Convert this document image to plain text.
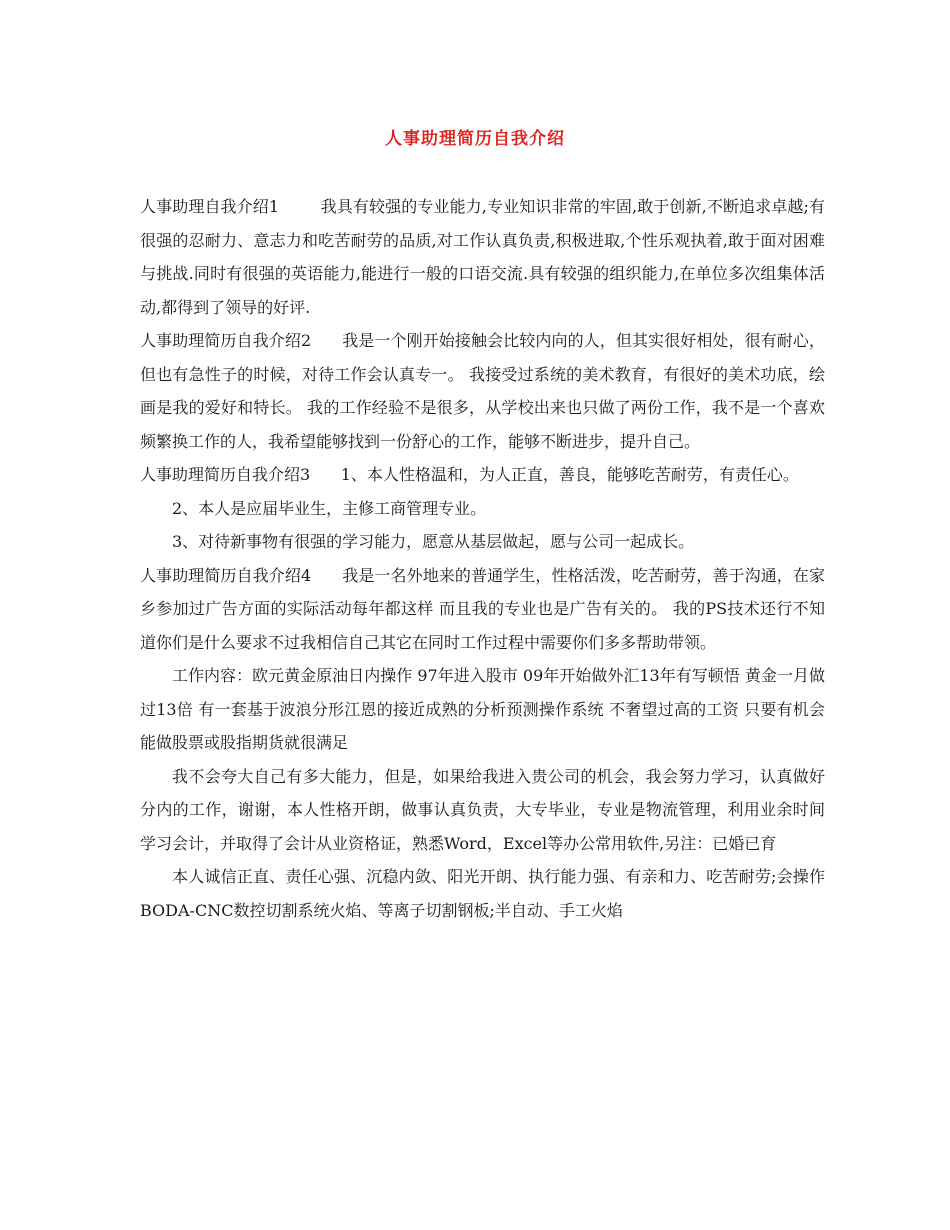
人事助理简历自我介绍

人事助理自我介绍1	我具有较强的专业能力,专业知识非常的牢固,敢于创新,不断追求卓越;有很强的忍耐力、意志力和吃苦耐劳的品质,对工作认真负责,积极进取,个性乐观执着,敢于面对困难与挑战.同时有很强的英语能力,能进行一般的口语交流.具有较强的组织能力,在单位多次组集体活动,都得到了领导的好评.

人事助理简历自我介绍2 我是一个刚开始接触会比较内向的人，但其实很好相处，很有耐心，但也有急性子的时候，对待工作会认真专一。 我接受过系统的美术教育，有很好的美术功底，绘画是我的爱好和特长。 我的工作经验不是很多，从学校出来也只做了两份工作，我不是一个喜欢频繁换工作的人，我希望能够找到一份舒心的工作，能够不断进步，提升自己。

人事助理简历自我介绍3 1、本人性格温和，为人正直，善良，能够吃苦耐劳，有责任心。

2、本人是应届毕业生，主修工商管理专业。

3、对待新事物有很强的学习能力，愿意从基层做起，愿与公司一起成长。

人事助理简历自我介绍4 我是一名外地来的普通学生，性格活泼，吃苦耐劳，善于沟通，在家乡参加过广告方面的实际活动每年都这样 而且我的专业也是广告有关的。 我的PS技术还行不知道你们是什么要求不过我相信自己其它在同时工作过程中需要你们多多帮助带领。

工作内容：欧元黄金原油日内操作 97年进入股市 09年开始做外汇13年有写顿悟 黄金一月做过13倍 有一套基于波浪分形江恩的接近成熟的分析预测操作系统 不奢望过高的工资 只要有机会能做股票或股指期货就很满足

我不会夸大自己有多大能力，但是，如果给我进入贵公司的机会，我会努力学习，认真做好分内的工作，谢谢，本人性格开朗，做事认真负责，大专毕业，专业是物流管理，利用业余时间学习会计，并取得了会计从业资格证，熟悉Word，Excel等办公常用软件,另注：已婚已育

本人诚信正直、责任心强、沉稳内敛、阳光开朗、执行能力强、有亲和力、吃苦耐劳;会操作BODA-CNC数控切割系统火焰、等离子切割钢板;半自动、手工火焰
